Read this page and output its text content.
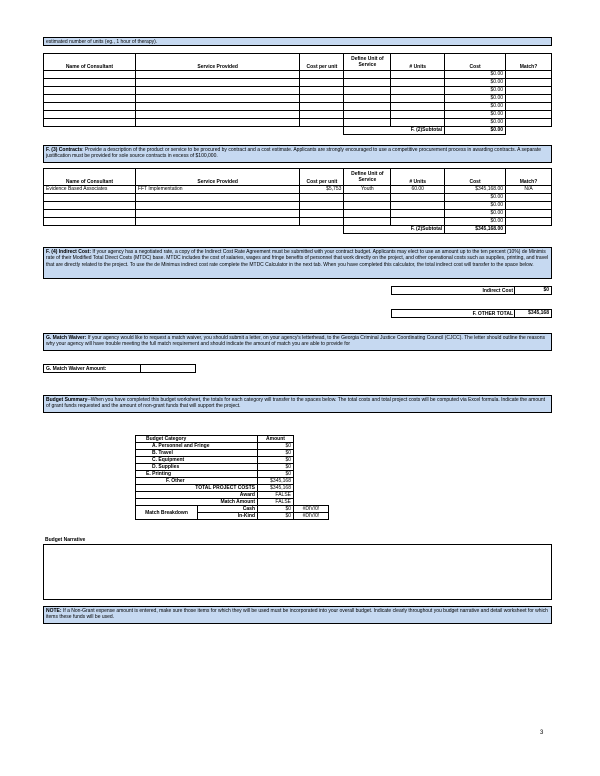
estimated number of units (eg., 1 hour of therapy).
Name of Consultant	Service Provided	Cost per unit	Define Unit of Service	# Units	Cost	Match?
					$0.00	
					$0.00	
					$0.00	
					$0.00	
					$0.00	
					$0.00	
					$0.00	
			F. (2)Subtotal		$0.00	
F. (3) Contracts: Provide a description of the product or service to be procured by contract and a cost estimate. Applicants are strongly encouraged to use a competitive procurement process in awarding contracts. A separate justification must be provided for sole source contracts in excess of $100,000.
Name of Consultant	Service Provided	Cost per unit	Define Unit of Service	# Units	Cost	Match?
Evidence Based Associates	FFT Implementation	$5,753	Youth	60.00	$345,168.00	N/A
					$0.00	
					$0.00	
					$0.00	
					$0.00	
			F. (2)Subtotal		$345,168.00	
F. (4) Indirect Cost: If your agency has a negotiated rate, a copy of the Indirect Cost Rate Agreement must be submitted with your contract budget. Applicants may elect to use an amount up to the ten percent (10%) de Minimis rate of their Modified Total Direct Costs (MTDC) base. MTDC includes the cost of salaries, wages and fringe benefits of personnel that work directly on the project, and other operational costs such as supplies, printing, and travel that are directly related to the project. To use the de Minimus indirect cost rate complete the MTDC Calculator in the next tab. When you have completed this calculator, the total indirect cost will transfer to the space below.
Indirect Cost	$0
F. OTHER TOTAL	$345,168
G. Match Waiver: If your agency would like to request a match waiver, you should submit a letter, on your agency's letterhead, to the Georgia Criminal Justice Coordinating Council (CJCC). The letter should outline the reasons why your agency will have trouble meeting the full match requirement and should indicate the amount of match you are able to provide for
G. Match Waiver Amount:
Budget Summary--When you have completed this budget worksheet, the totals for each category will transfer to the spaces below. The total costs and total project costs will be computed via Excel formula. Indicate the amount of grant funds requested and the amount of non-grant funds that will support the project.
Budget Category		Amount	
A. Personnel and Fringe		$0	
B. Travel		$0	
C. Equipment		$0	
D. Supplies		$0	
E. Printing		$0	
F. Other		$345,168	
TOTAL PROJECT COSTS		$345,168	
Award		FALSE	
Match Amount		FALSE	
Match Breakdown	Cash	$0	#DIV/0!
	In-Kind	$0	#DIV/0!
Budget Narrative
NOTE: If a Non-Grant expense amount is entered, make sure those items for which they will be used must be incorporated into your overall budget. Indicate clearly throughout you budget narrative and detail worksheet for which items these funds will be used.
3
